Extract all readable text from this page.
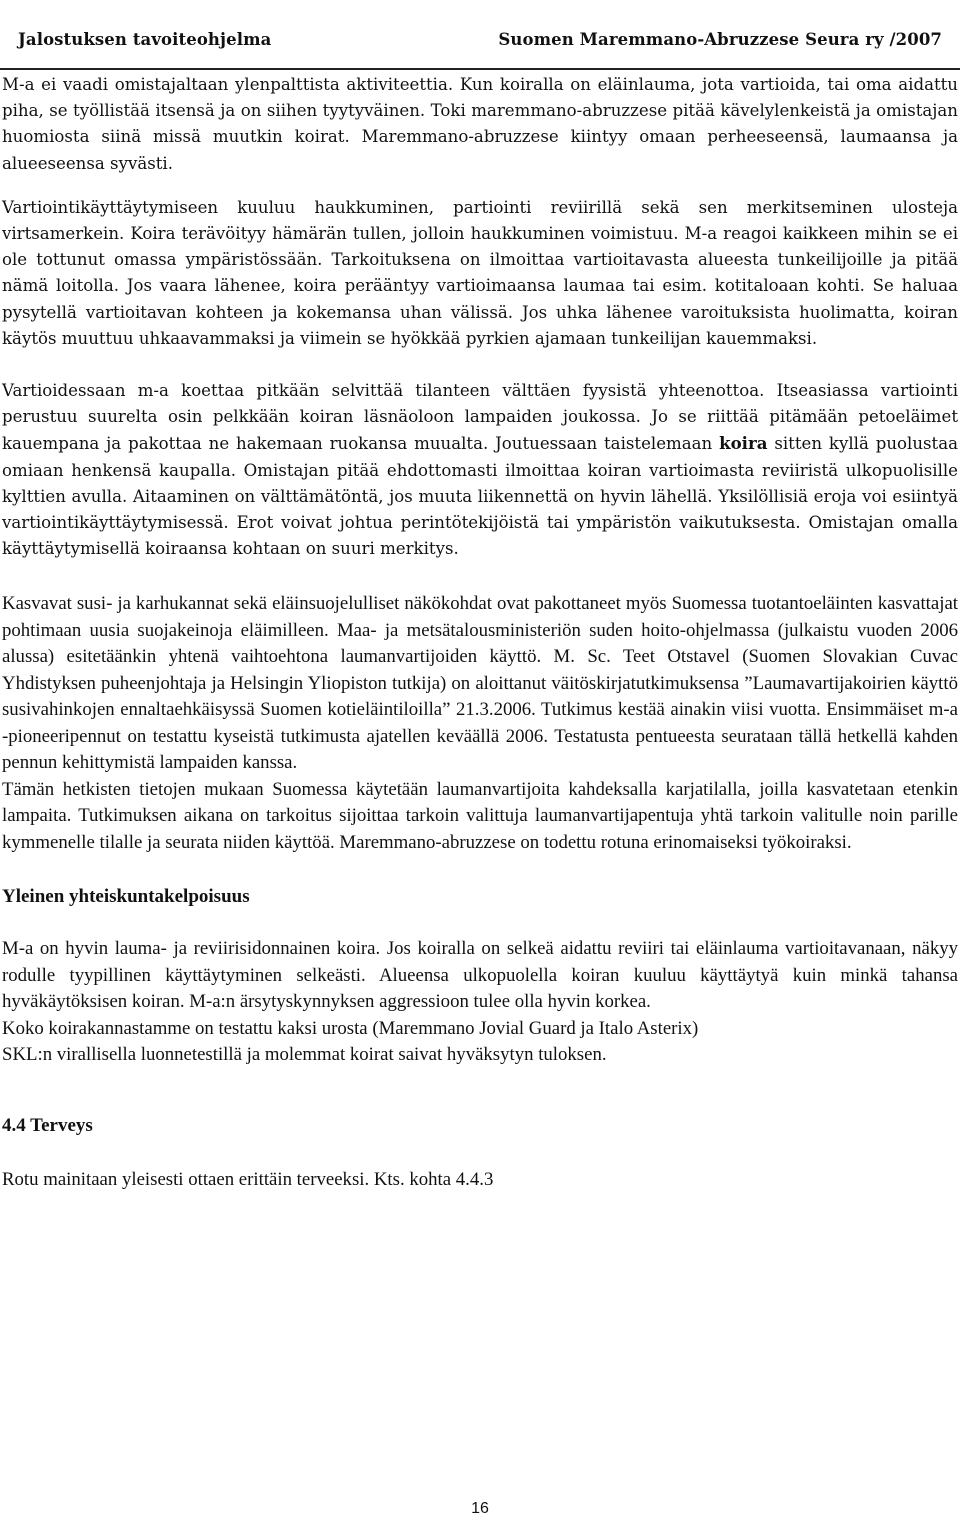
Jalostuksen tavoiteohjelma	Suomen Maremmano-Abruzzese Seura ry /2007

M-a ei vaadi omistajaltaan ylenpalttista aktiviteettia. Kun koiralla on eläinlauma, jota vartioida, tai oma aidattu piha, se työllistää itsensä ja on siihen tyytyväinen. Toki maremmano-abruzzese pitää kävelylenkeistä ja omistajan huomiosta siinä missä muutkin koirat. Maremmano-abruzzese kiintyy omaan perheeseensä, laumaansa ja alueeseensa syvästi.

Vartiointikäyttäytymiseen kuuluu haukkuminen, partiointi reviirillä sekä sen merkitseminen ulosteja virtsamerkein. Koira terävöityy hämärän tullen, jolloin haukkuminen voimistuu. M-a reagoi kaikkeen mihin se ei ole tottunut omassa ympäristössään. Tarkoituksena on ilmoittaa vartioitavasta alueesta tunkeilijoille ja pitää nämä loitolla. Jos vaara lähenee, koira perääntyy vartioimaansa laumaa tai esim. kotitaloaan kohti. Se haluaa pysytellä vartioitavan kohteen ja kokemansa uhan välissä. Jos uhka lähenee varoituksista huolimatta, koiran käytös muuttuu uhkaavammaksi ja viimein se hyökkää pyrkien ajamaan tunkeilijan kauemmaksi.

Vartioidessaan m-a koettaa pitkään selvittää tilanteen välttäen fyysistä yhteenottoa. Itseasiassa vartiointi perustuu suurelta osin pelkkään koiran läsnäoloon lampaiden joukossa. Jo se riittää pitämään petoeläimet kauempana ja pakottaa ne hakemaan ruokansa muualta. Joutuessaan taistelemaan koira sitten kyllä puolustaa omiaan henkensä kaupalla. Omistajan pitää ehdottomasti ilmoittaa koiran vartioimasta reviiristä ulkopuolisille kylttien avulla. Aitaaminen on välttämätöntä, jos muuta liikennettä on hyvin lähellä. Yksilöllisiä eroja voi esiintyä vartiointikäyttäytymisessä. Erot voivat johtua perintötekijöistä tai ympäristön vaikutuksesta. Omistajan omalla käyttäytymisellä koiraansa kohtaan on suuri merkitys.

Kasvavat susi- ja karhukannat sekä eläinsuojelulliset näkökohdat ovat pakottaneet myös Suomessa tuotantoeläinten kasvattajat pohtimaan uusia suojakeinoja eläimilleen. Maa- ja metsätalousministeriön suden hoito-ohjelmassa (julkaistu vuoden 2006 alussa) esitetäänkin yhtenä vaihtoehtona laumanvartijoiden käyttö. M. Sc. Teet Otstavel (Suomen Slovakian Cuvac Yhdistyksen puheenjohtaja ja Helsingin Yliopiston tutkija) on aloittanut väitöskirjatutkimuksensa ”Laumavartijakoirien käyttö susivahinkojen ennaltaehkäisyssä Suomen kotieläintiloilla” 21.3.2006. Tutkimus kestää ainakin viisi vuotta. Ensimmäiset m-a -pioneeripennut on testattu kyseistä tutkimusta ajatellen keväällä 2006. Testatusta pentueesta seurataan tällä hetkellä kahden pennun kehittymistä lampaiden kanssa.

Tämän hetkisten tietojen mukaan Suomessa käytetään laumanvartijoita kahdeksalla karjatilalla, joilla kasvatetaan etenkin lampaita. Tutkimuksen aikana on tarkoitus sijoittaa tarkoin valittuja laumanvartijapentuja yhtä tarkoin valitulle noin parille kymmenelle tilalle ja seurata niiden käyttöä. Maremmano-abruzzese on todettu rotuna erinomaiseksi työkoiraksi.

Yleinen yhteiskuntakelpoisuus

M-a on hyvin lauma- ja reviirisidonnainen koira. Jos koiralla on selkeä aidattu reviiri tai eläinlauma vartioitavanaan, näkyy rodulle tyypillinen käyttäytyminen selkeästi. Alueensa ulkopuolella koiran kuuluu käyttäytyä kuin minkä tahansa hyväkäytöksisen koiran. M-a:n ärsytyskynnyksen aggressioon tulee olla hyvin korkea.

Koko koirakannastamme on testattu kaksi urosta (Maremmano Jovial Guard ja Italo Asterix)

SKL:n virallisella luonnetestillä ja molemmat koirat saivat hyväksytyn tuloksen.

4.4 Terveys

Rotu mainitaan yleisesti ottaen erittäin terveeksi. Kts. kohta 4.4.3

16
